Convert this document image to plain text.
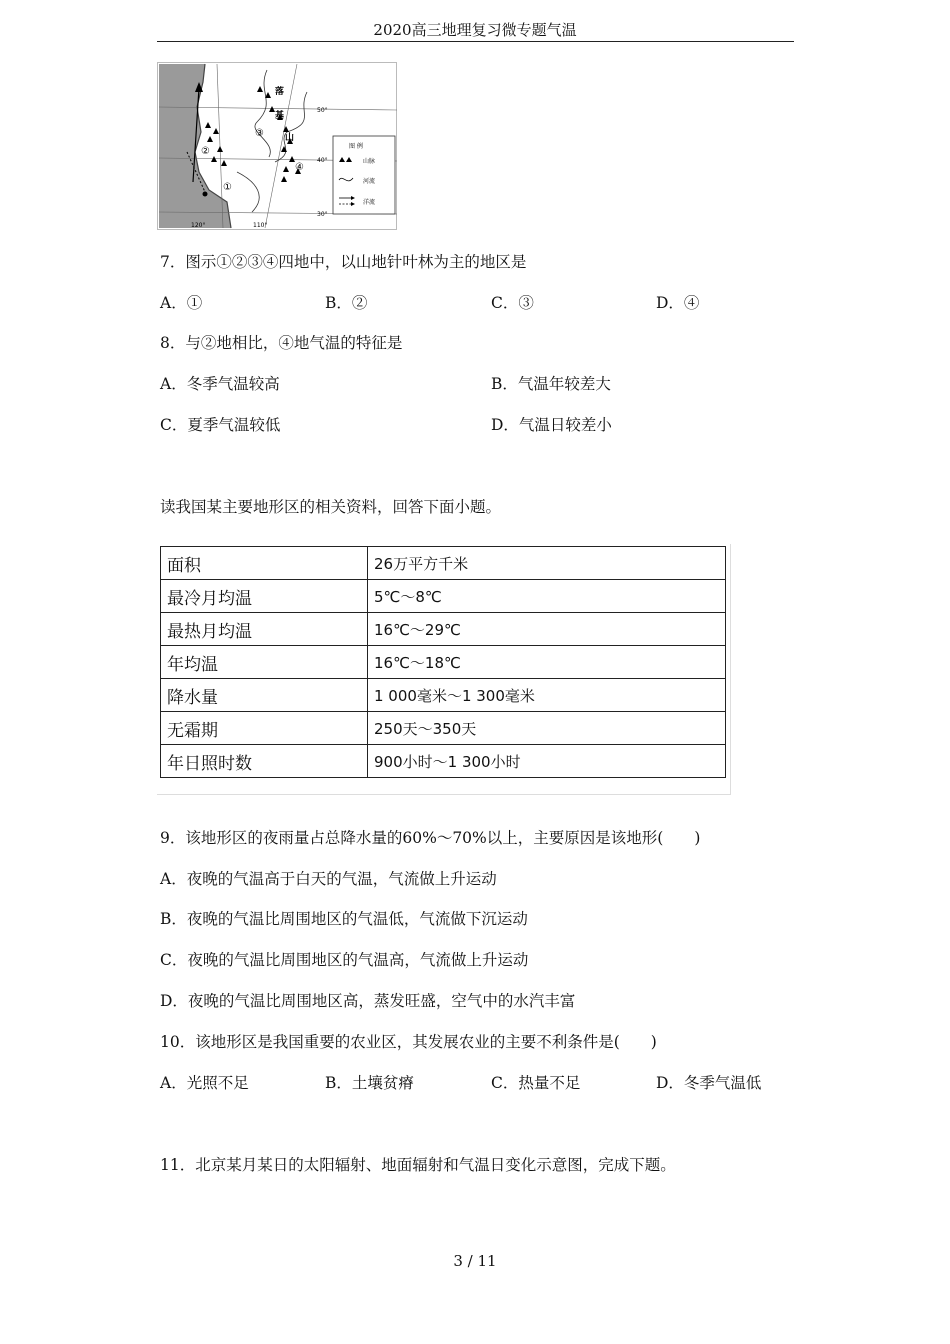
2020高三地理复习微专题气温
落
基
山
③
②
①
④
50°
40°
30°
120°	110°
图 例
山脉
河流
洋流
7．图示①②③④四地中，以山地针叶林为主的地区是
A．①	B．②	C．③	D．④
8．与②地相比，④地气温的特征是
A．冬季气温较高	B．气温年较差大
C．夏季气温较低	D．气温日较差小
读我国某主要地形区的相关资料，回答下面小题。
面积	26万平方千米
最冷月均温	5℃～8℃
最热月均温	16℃～29℃
年均温	16℃～18℃
降水量	1 000毫米～1 300毫米
无霜期	250天～350天
年日照时数	900小时～1 300小时
9．该地形区的夜雨量占总降水量的60%～70%以上，主要原因是该地形(　　)
A．夜晚的气温高于白天的气温，气流做上升运动
B．夜晚的气温比周围地区的气温低，气流做下沉运动
C．夜晚的气温比周围地区的气温高，气流做上升运动
D．夜晚的气温比周围地区高，蒸发旺盛，空气中的水汽丰富
10．该地形区是我国重要的农业区，其发展农业的主要不利条件是(　　)
A．光照不足	B．土壤贫瘠	C．热量不足	D．冬季气温低
11．北京某月某日的太阳辐射、地面辐射和气温日变化示意图，完成下题。
3 / 11
